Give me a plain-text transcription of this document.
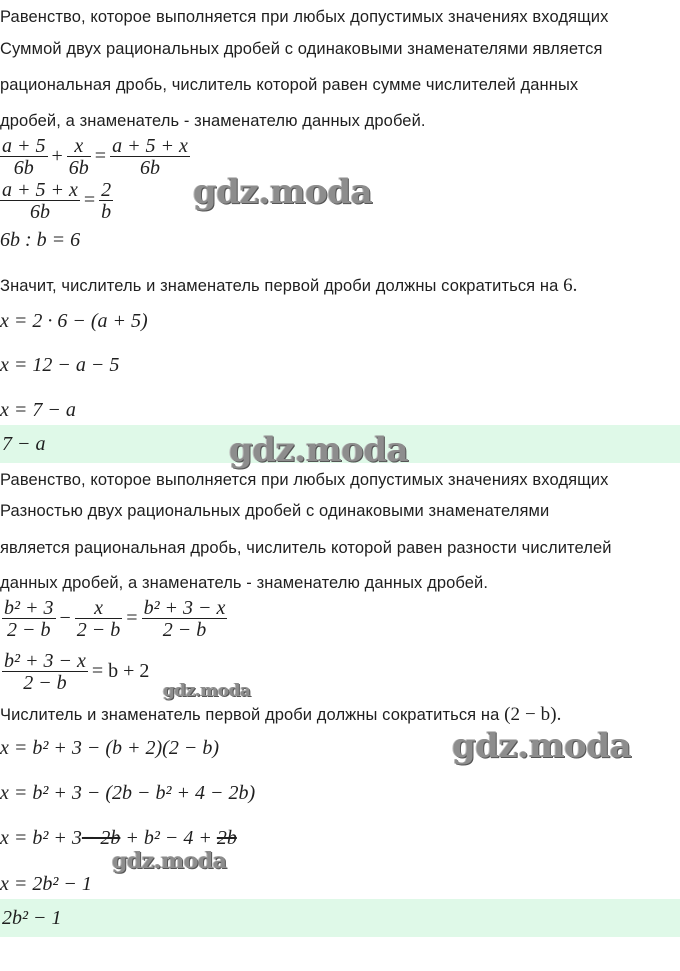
Равенство, которое выполняется при любых допустимых значениях входящих
Суммой двух рациональных дробей с одинаковыми знаменателями является
рациональная дробь, числитель которой равен сумме числителей данных
дробей, а знаменатель - знаменателю данных дробей.
$\frac{a + 5}{6b} + \frac{x}{6b} = \frac{a + 5 + x}{6b}$
$\frac{a + 5 + x}{6b} = \frac{2}{b}$
6b : b = 6
Значит, числитель и знаменатель первой дроби должны сократиться на 6.
x = 2 · 6 − (a + 5)
x = 12 − a − 5
x = 7 − a
7 − a
Равенство, которое выполняется при любых допустимых значениях входящих
Разностью двух рациональных дробей с одинаковыми знаменателями
является рациональная дробь, числитель которой равен разности числителей
данных дробей, а знаменатель - знаменателю данных дробей.
$\frac{\text{b² + 3}}{2 - b} - \frac{x}{2 - b} = \frac{\text{b² + 3 − x}}{2 - b}$
$\frac{\text{b² + 3 − x}}{2 - b} = b + 2$
Числитель и знаменатель первой дроби должны сократиться на (2 − b).
x = b² + 3 − (b + 2)(2 − b)
x = b² + 3 − (2b − b² + 4 − 2b)
x = b² + 3− 2b + b² − 4 + 2b
x = 2b² − 1
2b² − 1
gdz.moda
gdz.moda
gdz.moda
gdz.moda
gdz.moda
